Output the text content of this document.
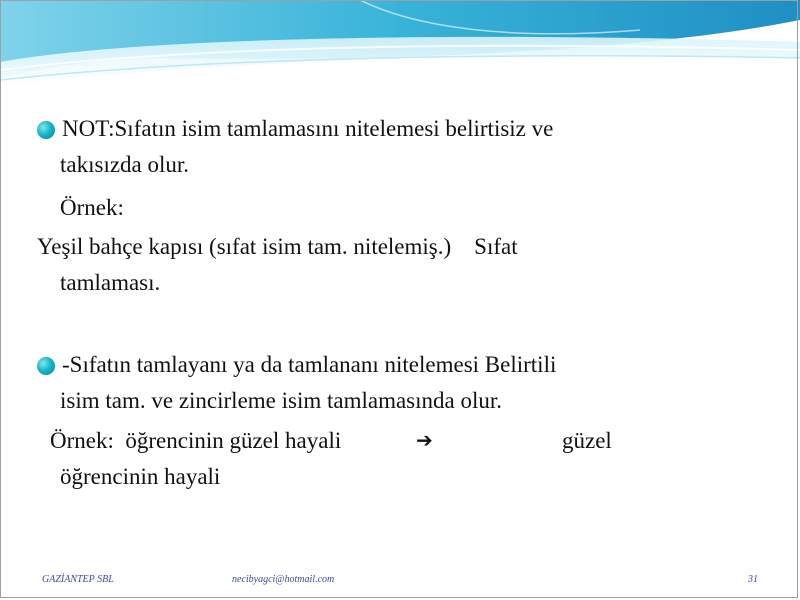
NOT:Sıfatın isim tamlamasını nitelemesi belirtisiz ve
takısızda olur.
Örnek:
Yeşil bahçe kapısı (sıfat isim tam. nitelemiş.)    Sıfat
tamlaması.
-Sıfatın tamlayanı ya da tamlananı nitelemesi Belirtili
isim tam. ve zincirleme isim tamlamasında olur.
Örnek:  öğrencinin güzel hayali	➔	güzel
öğrencinin hayali
GAZİANTEP SBL	necibyagci@hotmail.com	31
